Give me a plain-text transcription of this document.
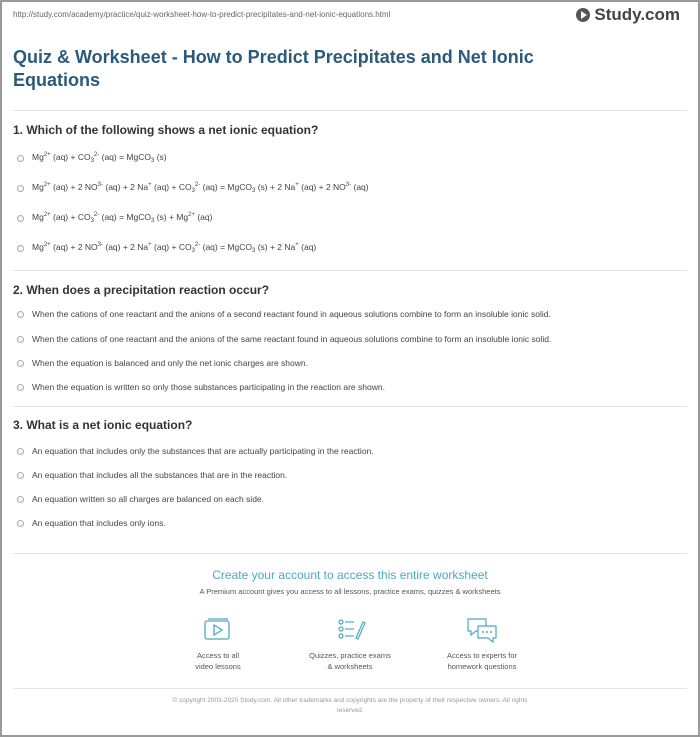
http://study.com/academy/practice/quiz-worksheet-how-to-predict-precipitates-and-net-ionic-equations.html	Study.com
Quiz & Worksheet - How to Predict Precipitates and Net Ionic Equations
1. Which of the following shows a net ionic equation?
$Mg^{2+}$ $(aq) + CO_3^{2-}$ (aq) = MgCO$_3$ (s)
$Mg^{2+}$ (aq) + 2 $NO^{3-}$ (aq) + 2 Na+ $(aq) + CO_3^{2-}$ (aq) = MgCO$_3$ (s) + 2 Na+ (aq) + 2 $NO^{3-}$ (aq)
$Mg^{2+}$ $(aq) + CO_3^{2-}$ (aq) = MgCO$_3$ $(s) + Mg^{2+}$ (aq)
$Mg^{2+}$ (aq) + 2 $NO^{3-}$ (aq) + 2 Na+ $(aq) + CO_3^{2-}$ (aq) = MgCO$_3$ (s) + 2 Na+ (aq)
2. When does a precipitation reaction occur?
When the cations of one reactant and the anions of a second reactant found in aqueous solutions combine to form an insoluble ionic solid.
When the cations of one reactant and the anions of the same reactant found in aqueous solutions combine to form an insoluble ionic solid.
When the equation is balanced and only the net ionic charges are shown.
When the equation is written so only those substances participating in the reaction are shown.
3. What is a net ionic equation?
An equation that includes only the substances that are actually participating in the reaction.
An equation that includes all the substances that are in the reaction.
An equation written so all charges are balanced on each side.
An equation that includes only ions.
Create your account to access this entire worksheet
A Premium account gives you access to all lessons, practice exams, quizzes & worksheets
Access to all
video lessons
Quizzes, practice exams
& worksheets
Access to experts for
homework questions
© copyright 2003-2020 Study.com. All other trademarks and copyrights are the property of their respective owners. All rights
reserved.
